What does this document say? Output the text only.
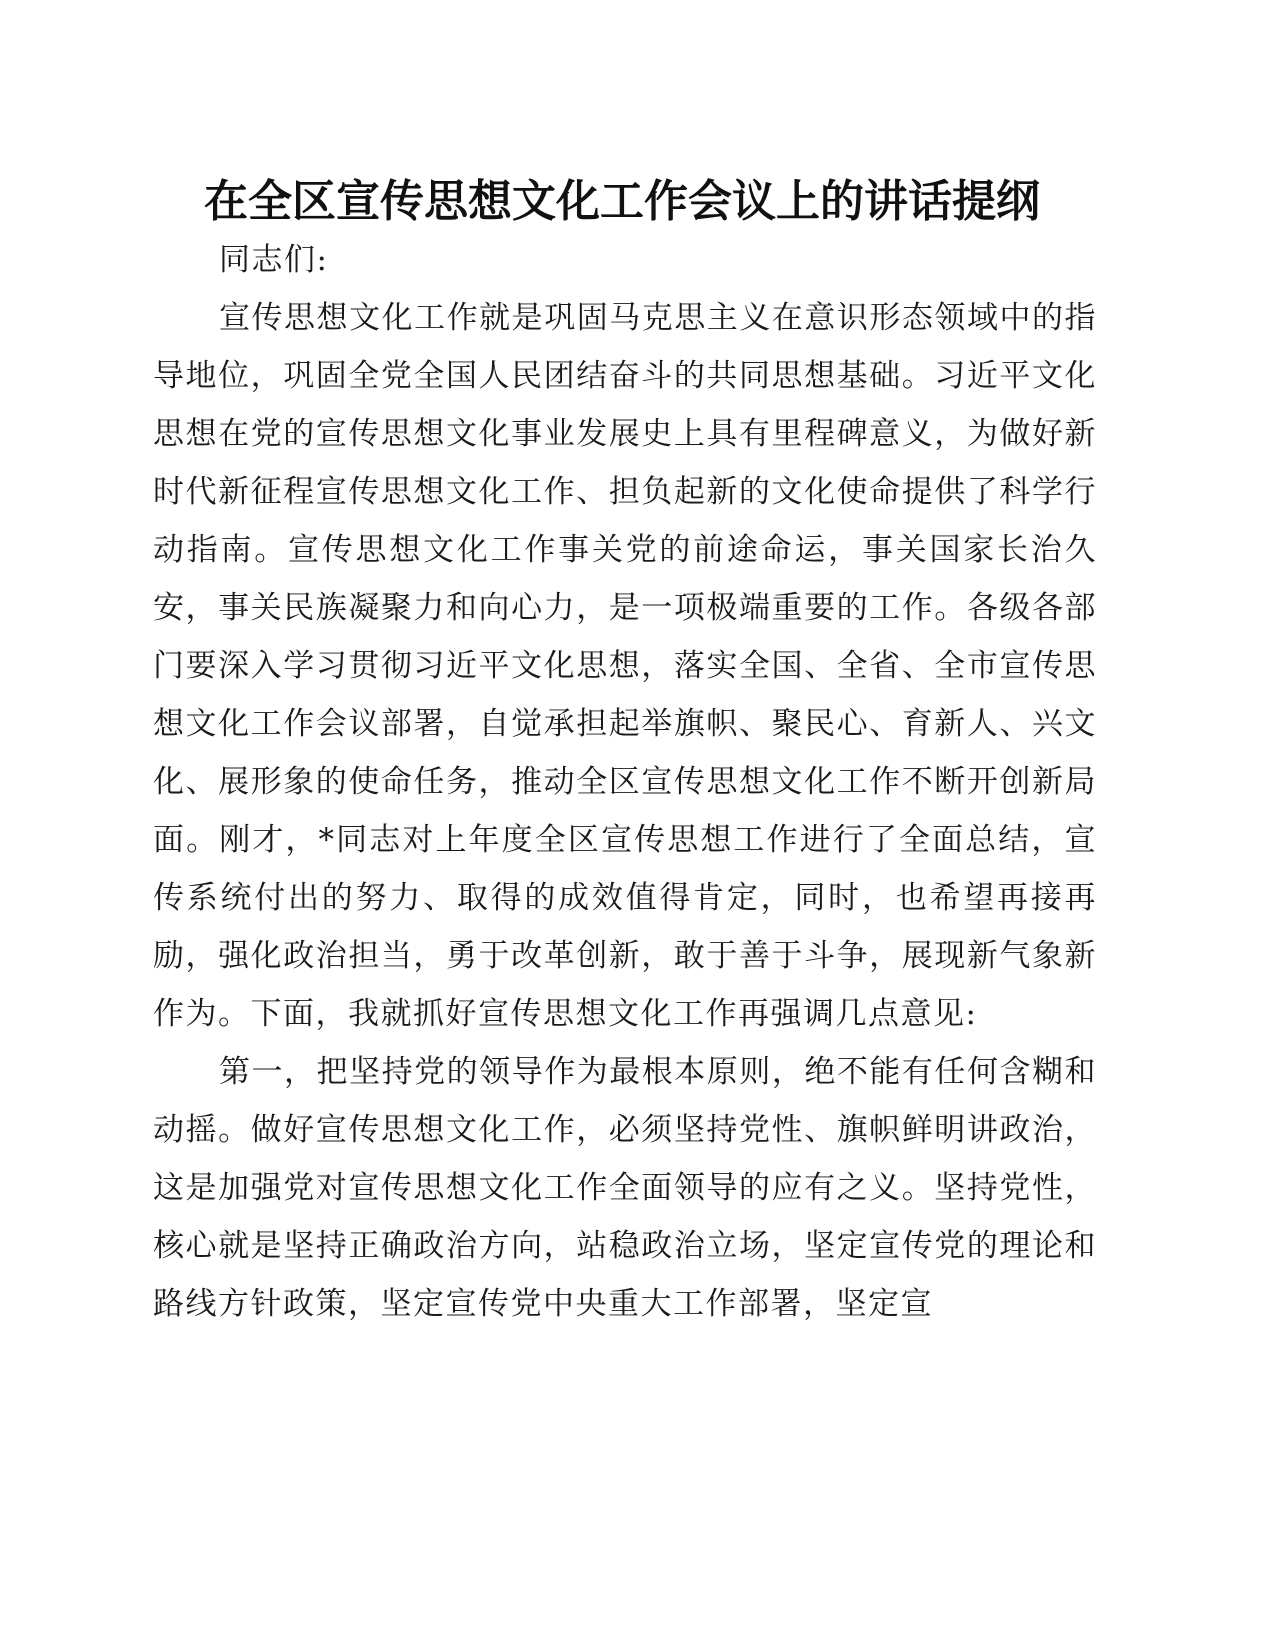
在全区宣传思想文化工作会议上的讲话提纲

同志们:

宣传思想文化工作就是巩固马克思主义在意识形态领域中的指导地位，巩固全党全国人民团结奋斗的共同思想基础。习近平文化思想在党的宣传思想文化事业发展史上具有里程碑意义，为做好新时代新征程宣传思想文化工作、担负起新的文化使命提供了科学行动指南。宣传思想文化工作事关党的前途命运，事关国家长治久安，事关民族凝聚力和向心力，是一项极端重要的工作。各级各部门要深入学习贯彻习近平文化思想，落实全国、全省、全市宣传思想文化工作会议部署，自觉承担起举旗帜、聚民心、育新人、兴文化、展形象的使命任务，推动全区宣传思想文化工作不断开创新局面。刚才，*同志对上年度全区宣传思想工作进行了全面总结，宣传系统付出的努力、取得的成效值得肯定，同时，也希望再接再励，强化政治担当，勇于改革创新，敢于善于斗争，展现新气象新作为。下面，我就抓好宣传思想文化工作再强调几点意见:

第一，把坚持党的领导作为最根本原则，绝不能有任何含糊和动摇。做好宣传思想文化工作，必须坚持党性、旗帜鲜明讲政治，这是加强党对宣传思想文化工作全面领导的应有之义。坚持党性，核心就是坚持正确政治方向，站稳政治立场，坚定宣传党的理论和路线方针政策，坚定宣传党中央重大工作部署，坚定宣
